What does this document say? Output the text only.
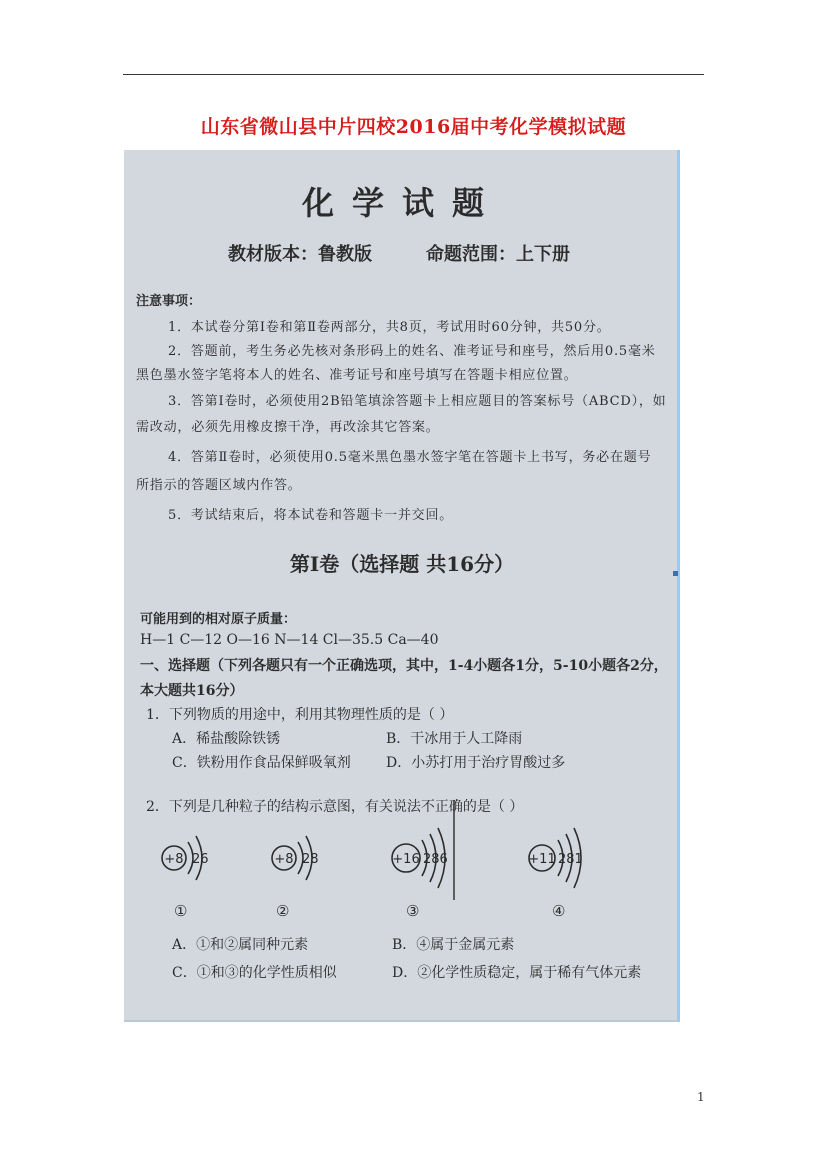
山东省微山县中片四校2016届中考化学模拟试题
化学试题
教材版本：鲁教版	命题范围：上下册
注意事项：
1．本试卷分第Ⅰ卷和第Ⅱ卷两部分，共8页，考试用时60分钟，共50分。
2．答题前，考生务必先核对条形码上的姓名、准考证号和座号，然后用0.5毫米
黑色墨水签字笔将本人的姓名、准考证号和座号填写在答题卡相应位置。
3．答第Ⅰ卷时，必须使用2B铅笔填涂答题卡上相应题目的答案标号（ABCD），如
需改动，必须先用橡皮擦干净，再改涂其它答案。
4．答第Ⅱ卷时，必须使用0.5毫米黑色墨水签字笔在答题卡上书写，务必在题号
所指示的答题区域内作答。
5．考试结束后，将本试卷和答题卡一并交回。
第Ⅰ卷（选择题 共16分）
可能用到的相对原子质量：
H—1 C—12 O—16 N—14 Cl—35.5 Ca—40
一、选择题（下列各题只有一个正确选项，其中，1-4小题各1分，5-10小题各2分，
本大题共16分）
1．下列物质的用途中，利用其物理性质的是（ ）
A．稀盐酸除铁锈	B．干冰用于人工降雨
C．铁粉用作食品保鲜吸氧剂	D．小苏打用于治疗胃酸过多
2．下列是几种粒子的结构示意图，有关说法不正确的是（ ）
+8 26	+8 28	+16 286	+11 281
①	②	③	④
A．①和②属同种元素	B．④属于金属元素
C．①和③的化学性质相似	D．②化学性质稳定，属于稀有气体元素
1
